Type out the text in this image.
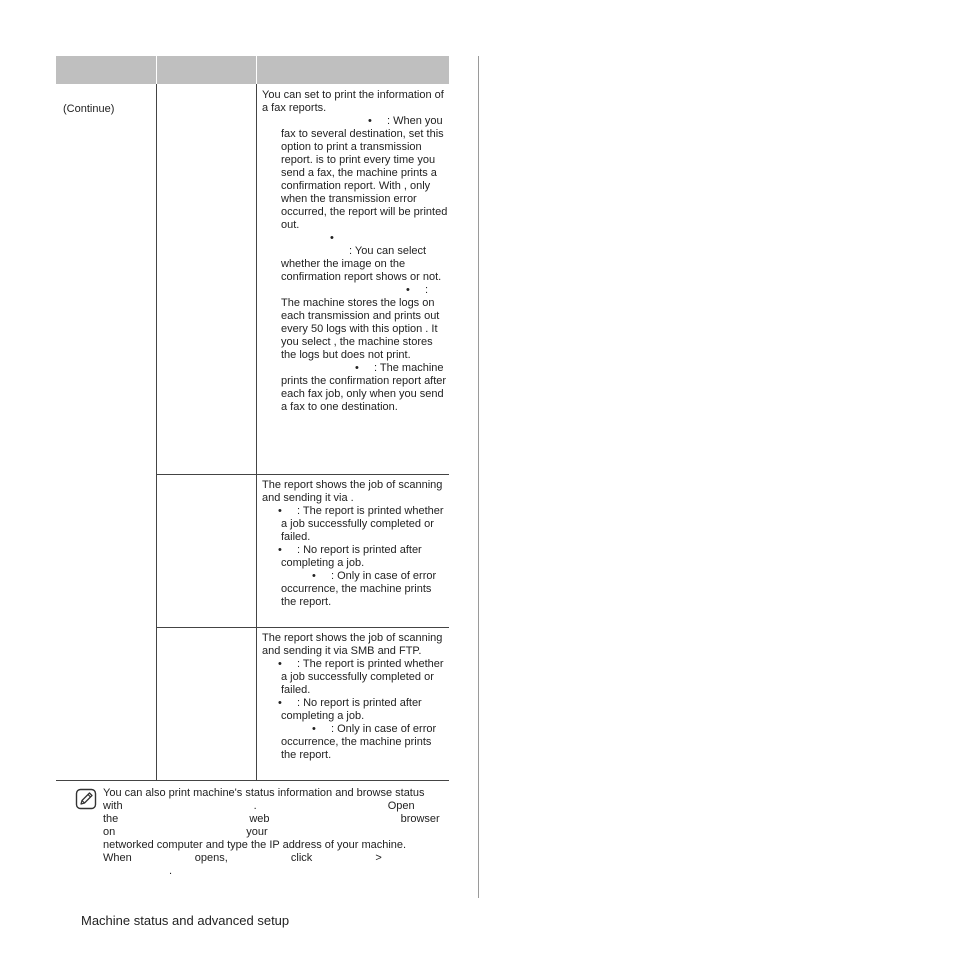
(Continue)

You can set to print the information of a fax reports.

• : When you fax to several destination, set this option to print a transmission report. is to print every time you send a fax, the machine prints a confirmation report. With , only when the transmission error occurred, the report will be printed out.

• : You can select whether the image on the confirmation report shows or not.

• : The machine stores the logs on each transmission and prints out every 50 logs with this option . It you select , the machine stores the logs but does not print.

• : The machine prints the confirmation report after each fax job, only when you send a fax to one destination.

The report shows the job of scanning and sending it via .

• : The report is printed whether a job successfully completed or failed.

• : No report is printed after completing a job.

• : Only in case of error occurrence, the machine prints the report.

The report shows the job of scanning and sending it via SMB and FTP.

• : The report is printed whether a job successfully completed or failed.

• : No report is printed after completing a job.

• : Only in case of error occurrence, the machine prints the report.

You can also print machine's status information and browse status

with . Open the web browser on your

networked computer and type the IP address of your machine.

When opens, click >

.

Machine status and advanced setup
